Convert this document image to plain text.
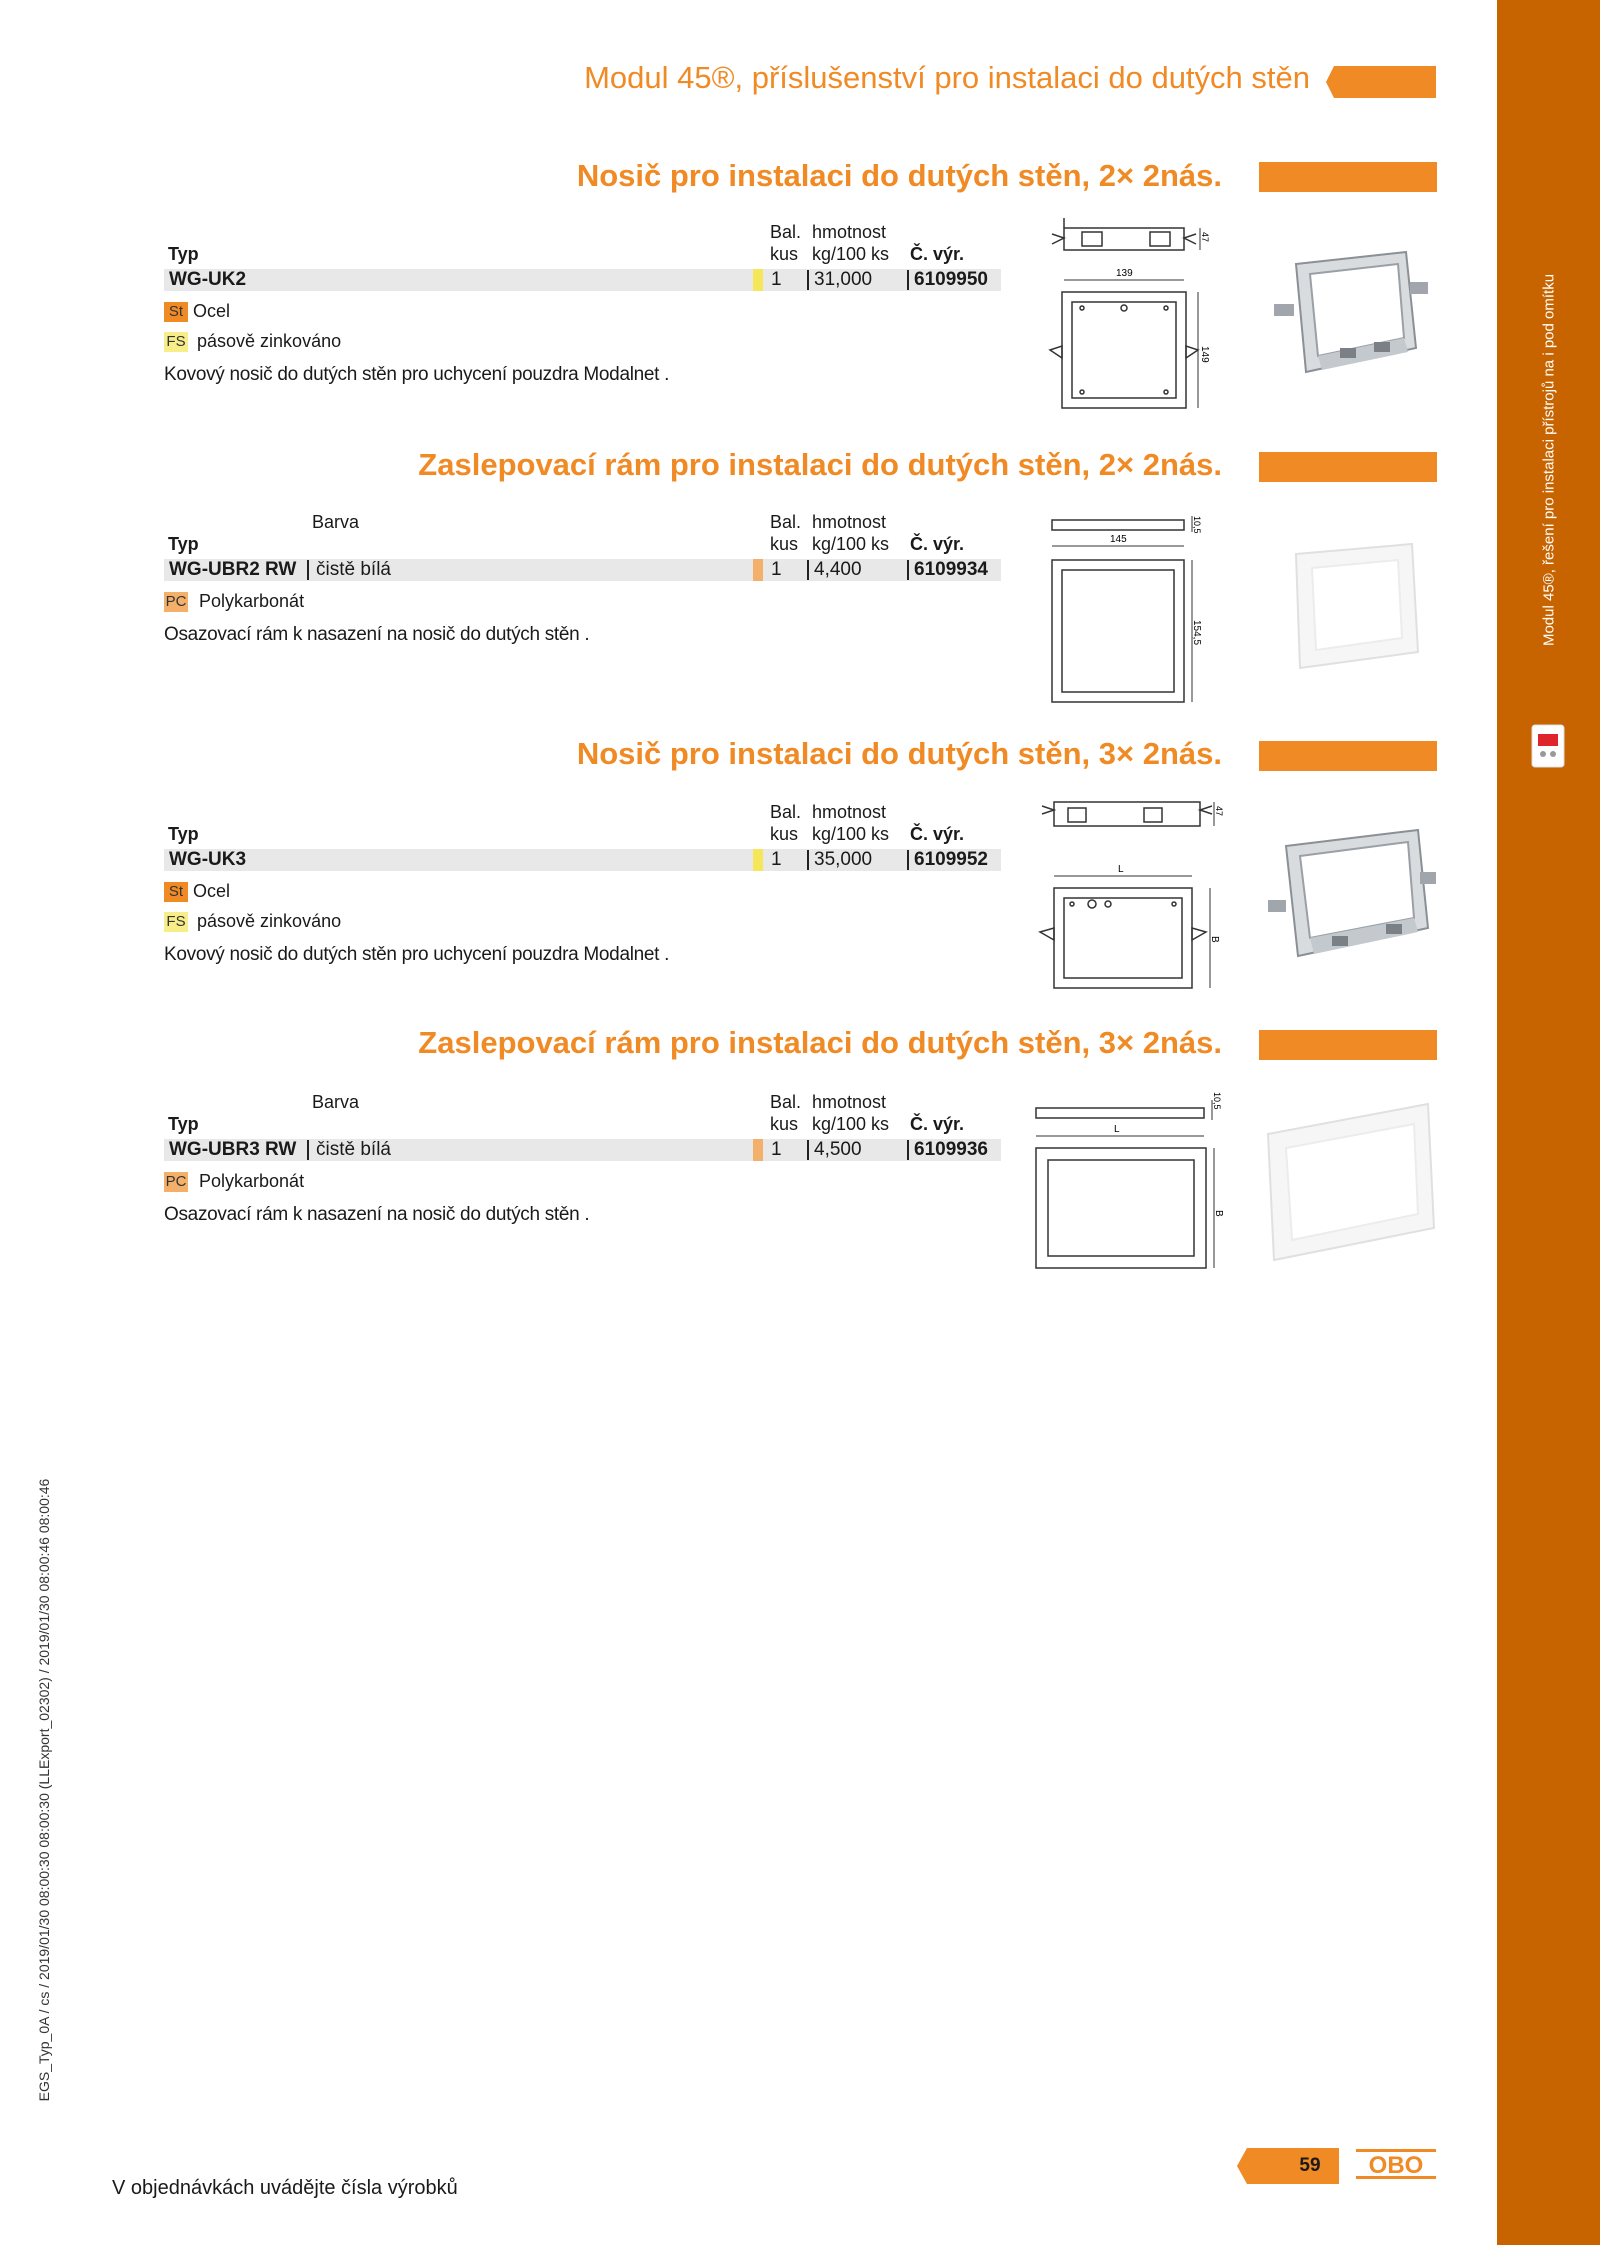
Modul 45®, řešení pro instalaci přístrojů na i pod omítku
EGS_Typ_0A / cs / 2019/01/30 08:00:30 08:00:30 (LLExport_02302) / 2019/01/30 08:00:46 08:00:46
Modul 45®, příslušenství pro instalaci do dutých stěn
Nosič pro instalaci do dutých stěn, 2× 2nás.
Bal. hmotnost
Typ	kus kg/100 ks Č. výr.
WG-UK2	1 31,000 6109950
St Ocel
FS pásově zinkováno
Kovový nosič do dutých stěn pro uchycení pouzdra Modalnet .
47
139
149
Zaslepovací rám pro instalaci do dutých stěn, 2× 2nás.
Barva	Bal. hmotnost
Typ	kus kg/100 ks Č. výr.
WG-UBR2 RW čistě bílá	1 4,400	6109934
PC Polykarbonát
Osazovací rám k nasazení na nosič do dutých stěn .
10,5
145
154,5
Nosič pro instalaci do dutých stěn, 3× 2nás.
Bal. hmotnost
Typ	kus kg/100 ks Č. výr.
WG-UK3	1 35,000 6109952
St Ocel
FS pásově zinkováno
Kovový nosič do dutých stěn pro uchycení pouzdra Modalnet .
47
L
B
Zaslepovací rám pro instalaci do dutých stěn, 3× 2nás.
Barva	Bal. hmotnost
Typ	kus kg/100 ks Č. výr.
WG-UBR3 RW čistě bílá	1 4,500	6109936
PC Polykarbonát
Osazovací rám k nasazení na nosič do dutých stěn .
10,5
L
B
V objednávkách uvádějte čísla výrobků
59	OBO
